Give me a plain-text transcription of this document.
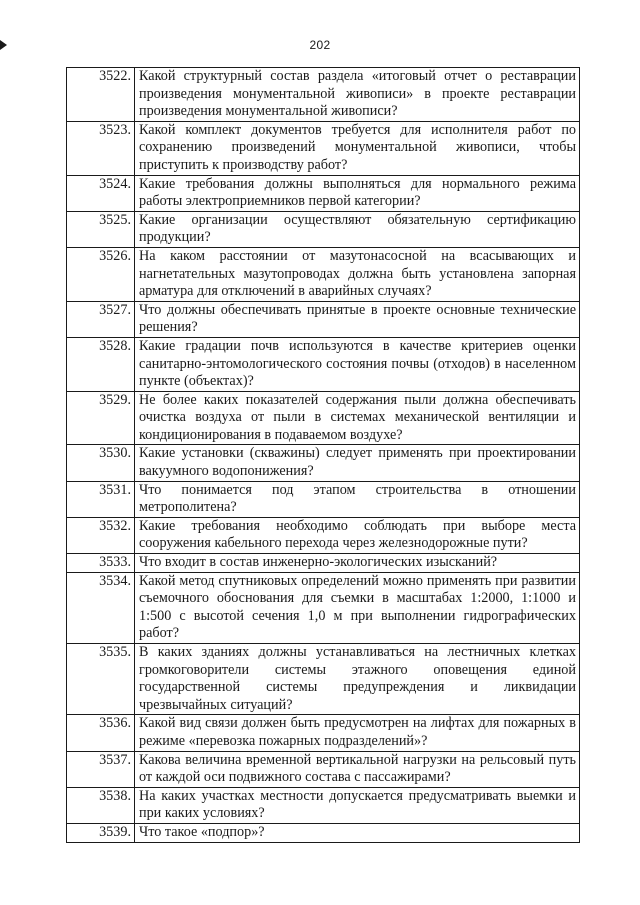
202
3522.	Какой структурный состав раздела «итоговый отчет о реставрации произведения монументальной живописи» в проекте реставрации произведения монументальной живописи?
3523.	Какой комплект документов требуется для исполнителя работ по сохранению произведений монументальной живописи, чтобы приступить к производству работ?
3524.	Какие требования должны выполняться для нормального режима работы электроприемников первой категории?
3525.	Какие организации осуществляют обязательную сертификацию продукции?
3526.	На каком расстоянии от мазутонасосной на всасывающих и нагнетательных мазутопроводах должна быть установлена запорная арматура для отключений в аварийных случаях?
3527.	Что должны обеспечивать принятые в проекте основные технические решения?
3528.	Какие градации почв используются в качестве критериев оценки санитарно-энтомологического состояния почвы (отходов) в населенном пункте (объектах)?
3529.	Не более каких показателей содержания пыли должна обеспечивать очистка воздуха от пыли в системах механической вентиляции и кондиционирования в подаваемом воздухе?
3530.	Какие установки (скважины) следует применять при проектировании вакуумного водопонижения?
3531.	Что понимается под этапом строительства в отношении метрополитена?
3532.	Какие требования необходимо соблюдать при выборе места сооружения кабельного перехода через железнодорожные пути?
3533.	Что входит в состав инженерно-экологических изысканий?
3534.	Какой метод спутниковых определений можно применять при развитии съемочного обоснования для съемки в масштабах 1:2000, 1:1000 и 1:500 с высотой сечения 1,0 м при выполнении гидрографических работ?
3535.	В каких зданиях должны устанавливаться на лестничных клетках громкоговорители системы этажного оповещения единой государственной системы предупреждения и ликвидации чрезвычайных ситуаций?
3536.	Какой вид связи должен быть предусмотрен на лифтах для пожарных в режиме «перевозка пожарных подразделений»?
3537.	Какова величина временной вертикальной нагрузки на рельсовый путь от каждой оси подвижного состава с пассажирами?
3538.	На каких участках местности допускается предусматривать выемки и при каких условиях?
3539.	Что такое «подпор»?
